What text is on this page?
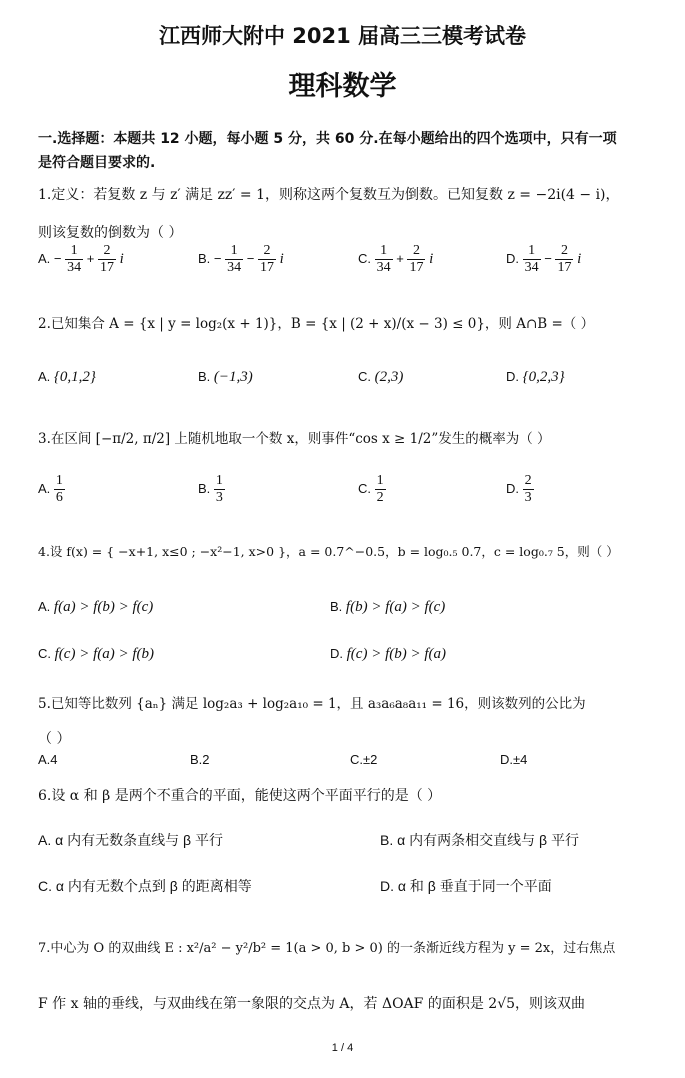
江西师大附中 2021 届高三三模考试卷
理科数学
一.选择题：本题共 12 小题，每小题 5 分，共 60 分.在每小题给出的四个选项中，只有一项
是符合题目要求的.
1.定义：若复数 z 与 z′ 满足 zz′ = 1，则称这两个复数互为倒数。已知复数 z = −2i(4 − i)，
则该复数的倒数为（ ）
A. − $\frac{1}{34} + \frac{2}{17}$ i	B. − $\frac{1}{34} - \frac{2}{17}$ i	C. $\frac{1}{34} + \frac{2}{17}$ i	D. $\frac{1}{34} - \frac{2}{17}$ i
2.已知集合 A = {x | y = log₂(x + 1)}，B = {x | (2 + x)/(x − 3) ≤ 0}，则 A∩B =（ ）
A. {0,1,2}	B. (−1,3)	C. (2,3)	D. {0,2,3}
3.在区间 [−π/2, π/2] 上随机地取一个数 x，则事件“cos x ≥ 1/2”发生的概率为（ ）
A. $\frac{1}{6}$	B. $\frac{1}{3}$	C. $\frac{1}{2}$	D. $\frac{2}{3}$
4.设 f(x) = { −x+1, x≤0 ; −x²−1, x>0 }，a = 0.7^−0.5，b = log₀.₅ 0.7，c = log₀.₇ 5，则（ ）
A. f(a) > f(b) > f(c)	B. f(b) > f(a) > f(c)
C. f(c) > f(a) > f(b)	D. f(c) > f(b) > f(a)
5.已知等比数列 {aₙ} 满足 log₂a₃ + log₂a₁₀ = 1，且 a₃a₆a₈a₁₁ = 16，则该数列的公比为
（ ）
A.4	B.2	C.±2	D.±4
6.设 α 和 β 是两个不重合的平面，能使这两个平面平行的是（ ）
A. α 内有无数条直线与 β 平行	B. α 内有两条相交直线与 β 平行
C. α 内有无数个点到 β 的距离相等	D. α 和 β 垂直于同一个平面
7.中心为 O 的双曲线 E : x²/a² − y²/b² = 1(a > 0, b > 0) 的一条渐近线方程为 y = 2x，过右焦点
F 作 x 轴的垂线，与双曲线在第一象限的交点为 A，若 ΔOAF 的面积是 2√5，则该双曲
1 / 4
